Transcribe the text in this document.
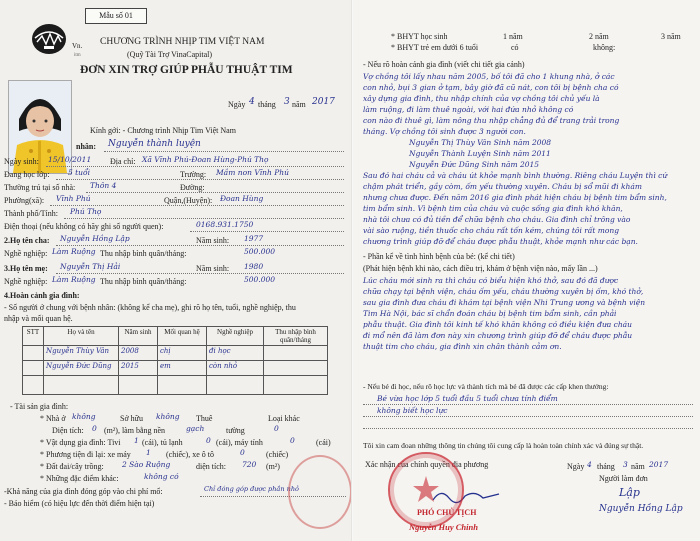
Mẫu số 01
Vn.
itm
CHƯƠNG TRÌNH NHỊP TIM VIỆT NAM
(Quỹ Tài Trợ VinaCapital)
ĐƠN XIN TRỢ GIÚP PHẪU THUẬT TIM
Ngày 4 tháng 3 năm 2017
Kính gởi: - Chương trình Nhịp Tim Việt Nam
nhân: Nguyễn thành luyện
Ngày sinh: 15/10/2011 Địa chỉ: Xã Vĩnh Phú-Đoan Hùng-Phú Thọ
Đang học lớp: 5 tuổi	Trường: Mầm non Vĩnh Phú
Thường trú tại số nhà: Thôn 4	Đường:
Phường(xã): Vĩnh Phú	Quận,(Huyện): Đoan Hùng
Thành phố/Tỉnh: Phú Thọ
Điện thoại (nếu không có hãy ghi số người quen):	0168.931.1750
2.Họ tên cha: Nguyễn Hồng Lập	Năm sinh: 1977
Nghề nghiệp: Làm Ruộng Thu nhập bình quân/tháng:	500.000
3.Họ tên mẹ: Nguyễn Thị Hải	Năm sinh: 1980
Nghề nghiệp: Làm Ruộng Thu nhập bình quân/tháng:	500.000
4.Hoàn cảnh gia đình:
- Số người ở chung với bệnh nhân: (không kể cha mẹ), ghi rõ họ tên, tuổi, nghề nghiệp, thu
nhập và mối quan hệ.
STT	Họ và tên	Năm sinh	Mối quan hệ	Nghề nghiệp	Thu nhập bình quân/tháng
	Nguyễn Thùy Vân	2008	chị	đi học	
	Nguyễn Đức Dũng	2015	em	còn nhỏ	

- Tài sản gia đình:
* Nhà ở không	Sở hữu không Thuê	Loại khác
Diện tích: 0 (m²), làm bằng nền	gạch	tường	0
* Vật dụng gia đình: Tivi 1 (cái), tủ lạnh	0 (cái), máy tính	0	(cái)
* Phương tiện đi lại: xe máy 1 (chiếc), xe ô tô	0	(chiếc)
* Đất đai/cây trồng: 2 Sào Ruộng	diện tích: 720 (m²)
* Những đặc điểm khác:	không có
-Khả năng của gia đình đóng góp vào chi phí mổ:	Chỉ đóng góp được phần nhỏ
- Bảo hiểm (có hiệu lực đến thời điểm hiện tại)
* BHYT học sinh	1 năm	2 năm	3 năm
* BHYT trẻ em dưới 6 tuổi	có	không:
- Nếu rõ hoàn cảnh gia đình (viết chi tiết gia cảnh)
Vợ chồng tôi lấy nhau năm 2005, bố tôi đã cho 1 khung nhà, ở các
con nhỏ, bụi 3 gian ở tạm, bây giờ đã cũ nát, con tôi bị bệnh cha có
xây dựng gia đình, thu nhập chính của vợ chồng tôi chủ yếu là
làm ruộng, đi làm thuê ngoài, với hai đứa nhỏ không có
con nào đi thuê gì, làm nông thu nhập chẳng đủ để trang trải trong
tháng. Vợ chồng tôi sinh được 3 người con.
Nguyễn Thị Thùy Vân Sinh năm 2008
Nguyễn Thành Luyện Sinh năm 2011
Nguyễn Đức Dũng Sinh năm 2015
Sau đó hai cháu cả và cháu út khỏe mạnh bình thường. Riêng cháu Luyện thì cứ
chậm phát triển, gầy còm, ốm yếu thường xuyên. Cháu bị sổ mũi đi khám
nhưng chưa được. Đến năm 2016 gia đình phát hiện cháu bị bệnh tim bẩm sinh,
tim bẩm sinh. Vì bệnh tim của cháu và cuộc sống gia đình khó khăn,
nhà tôi chưa có đủ tiền để chữa bệnh cho cháu. Gia đình chỉ trông vào
vài sào ruộng, tiền thuốc cho cháu rất tốn kém, chúng tôi rất mong
chương trình giúp đỡ để cháu được phẫu thuật, khỏe mạnh như các bạn.
- Phần kể về tình hình bệnh của bé: (kể chi tiết)
(Phát hiện bệnh khi nào, cách điều trị, khám ở bệnh viện nào, mấy lần ...)
Lúc cháu mới sinh ra thì cháu có biểu hiện khó thở, sau đó đã được
chữa chạy tại bệnh viện, cháu ốm yếu, cháu thường xuyên bị ốm, khó thở,
sau gia đình đưa cháu đi khám tại bệnh viện Nhi Trung ương và bệnh viện
Tim Hà Nội, bác sĩ chẩn đoán cháu bị bệnh tim bẩm sinh, cần phải
phẫu thuật. Gia đình tôi kinh tế khó khăn không có điều kiện đưa cháu
đi mổ nên đã làm đơn này xin chương trình giúp đỡ để cháu được phẫu
thuật tim cho cháu, gia đình xin chân thành cảm ơn.
- Nếu bé đi học, nếu rõ học lực và thành tích mà bé đã được các cấp khen thưởng:
Bé vừa học lớp 5 tuổi đầu 5 tuổi chưa tính điểm
không biết học lực
Tôi xin cam đoan những thông tin chúng tôi cung cấp là hoàn toàn chính xác và đúng sự thật.
Xác nhận của chính quyền địa phương	Ngày 4 tháng 3 năm 2017
Người làm đơn
Lập
Nguyễn Hồng Lập
PHÓ CHỦ TỊCH
Nguyễn Huy Chinh
